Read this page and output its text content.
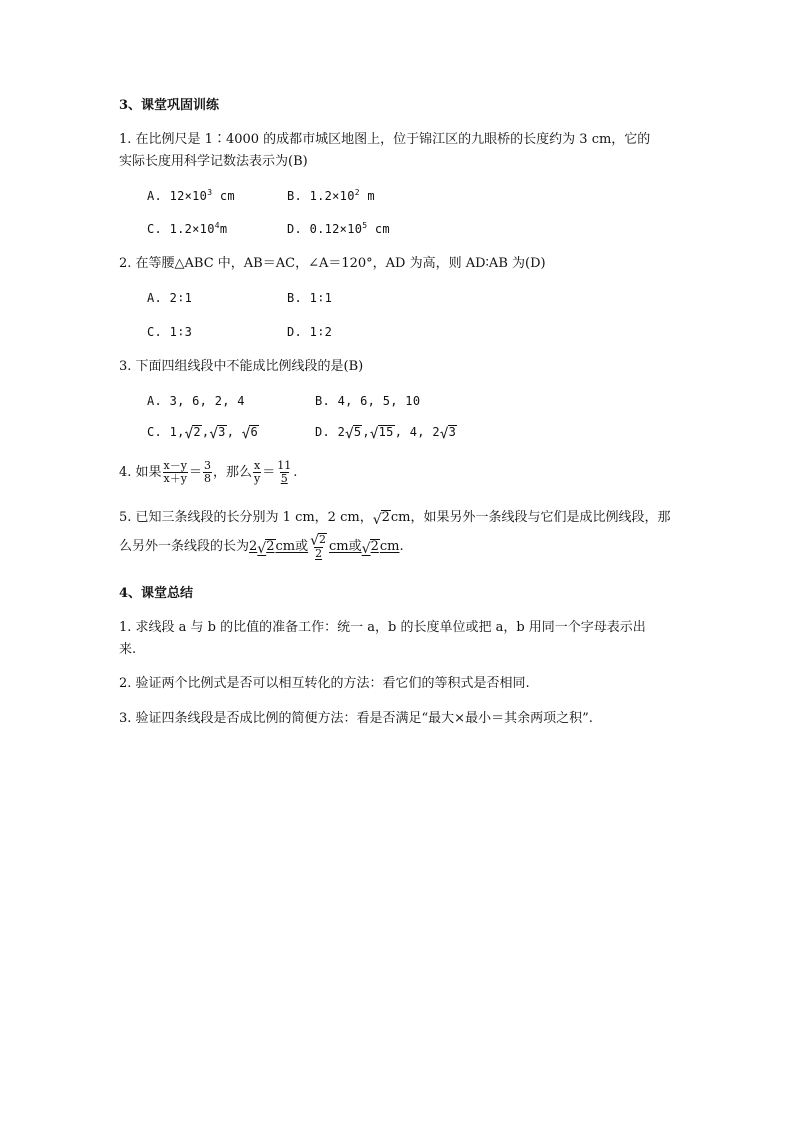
3、课堂巩固训练
1. 在比例尺是 1∶4000 的成都市城区地图上，位于锦江区的九眼桥的长度约为 3 cm，它的
实际长度用科学记数法表示为(B)
A. $12\times 10^3$ cm	B. $1.2\times 10^2$ m
C. $1.2\times 10^4m$	D. $0.12\times 10^5$ cm
2. 在等腰△ABC 中，AB＝AC，∠A＝120°，AD 为高，则 AD∶AB 为(D)
A. 2∶1	B. 1∶1
C. 1∶3	D. 1∶2
3. 下面四组线段中不能成比例线段的是(B)
A. 3, 6, 2, 4	B. 4, 6, 5, 10
C. 1, √ 2 , √ 3 , √ 6	D. 2 √ 5 , √ 15 , 4, 2 √ 3
4. 如果 $\frac{x-y}{x+y} = \frac{3}{8}$ ，那么 $\frac{x}{y} = \frac{11}{5}$ .
5. 已知三条线段的长分别为 1 cm，2 cm， √ 2 cm，如果另外一条线段与它们是成比例线段，那
么另外一条线段的长为 2 √ 2 cm或 $\frac{√ 2}{2}$ cm或 √ 2 cm .
4、课堂总结
1. 求线段 a 与 b 的比值的准备工作：统一 a，b 的长度单位或把 a，b 用同一个字母表示出
来.
2. 验证两个比例式是否可以相互转化的方法：看它们的等积式是否相同.
3. 验证四条线段是否成比例的简便方法：看是否满足“最大×最小＝其余两项之积”.
